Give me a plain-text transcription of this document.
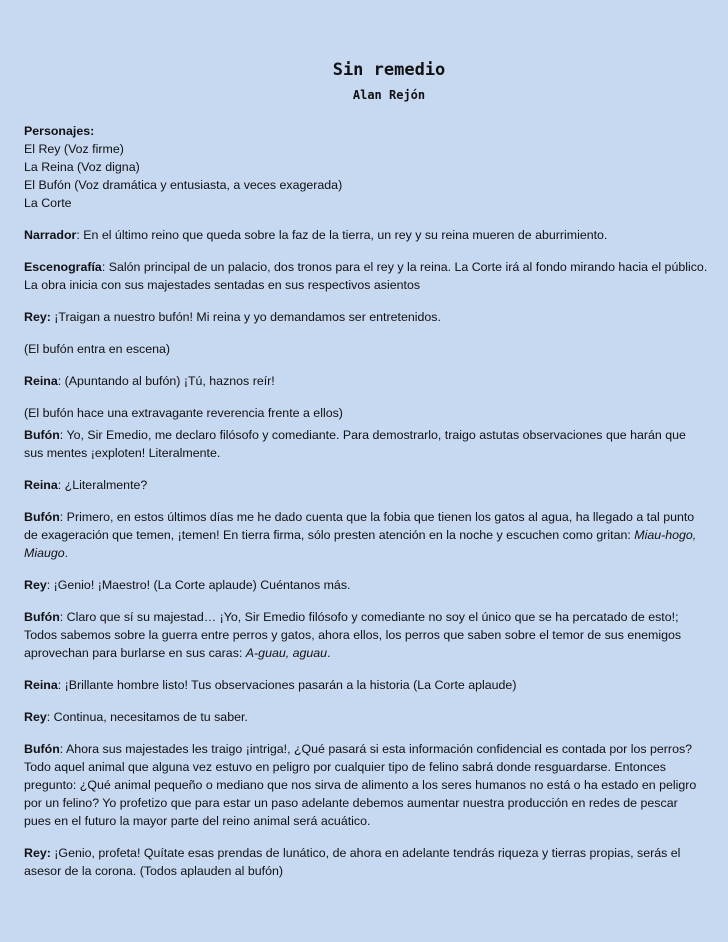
Sin remedio
Alan Rejón
Personajes:
El Rey (Voz firme)
La Reina (Voz digna)
El Bufón (Voz dramática y entusiasta, a veces exagerada)
La Corte

Narrador: En el último reino que queda sobre la faz de la tierra, un rey y su reina mueren de aburrimiento.

Escenografía: Salón principal de un palacio, dos tronos para el rey y la reina. La Corte irá al fondo mirando hacia el público. La obra inicia con sus majestades sentadas en sus respectivos asientos

Rey: ¡Traigan a nuestro bufón! Mi reina y yo demandamos ser entretenidos.

(El bufón entra en escena)

Reina: (Apuntando al bufón) ¡Tú, haznos reír!

(El bufón hace una extravagante reverencia frente a ellos)

Bufón: Yo, Sir Emedio, me declaro filósofo y comediante. Para demostrarlo, traigo astutas observaciones que harán que sus mentes ¡exploten! Literalmente.

Reina: ¿Literalmente?

Bufón: Primero, en estos últimos días me he dado cuenta que la fobia que tienen los gatos al agua, ha llegado a tal punto de exageración que temen, ¡temen! En tierra firma, sólo presten atención en la noche y escuchen como gritan: Miau-hogo, Miaugo.

Rey: ¡Genio! ¡Maestro! (La Corte aplaude) Cuéntanos más.

Bufón: Claro que sí su majestad… ¡Yo, Sir Emedio filósofo y comediante no soy el único que se ha percatado de esto!; Todos sabemos sobre la guerra entre perros y gatos, ahora ellos, los perros que saben sobre el temor de sus enemigos aprovechan para burlarse en sus caras: A-guau, aguau.

Reina: ¡Brillante hombre listo! Tus observaciones pasarán a la historia (La Corte aplaude)

Rey: Continua, necesitamos de tu saber.

Bufón: Ahora sus majestades les traigo ¡intriga!, ¿Qué pasará si esta información confidencial es contada por los perros? Todo aquel animal que alguna vez estuvo en peligro por cualquier tipo de felino sabrá donde resguardarse. Entonces pregunto: ¿Qué animal pequeño o mediano que nos sirva de alimento a los seres humanos no está o ha estado en peligro por un felino? Yo profetizo que para estar un paso adelante debemos aumentar nuestra producción en redes de pescar pues en el futuro la mayor parte del reino animal será acuático.

Rey: ¡Genio, profeta! Quítate esas prendas de lunático, de ahora en adelante tendrás riqueza y tierras propias, serás el asesor de la corona. (Todos aplauden al bufón)
